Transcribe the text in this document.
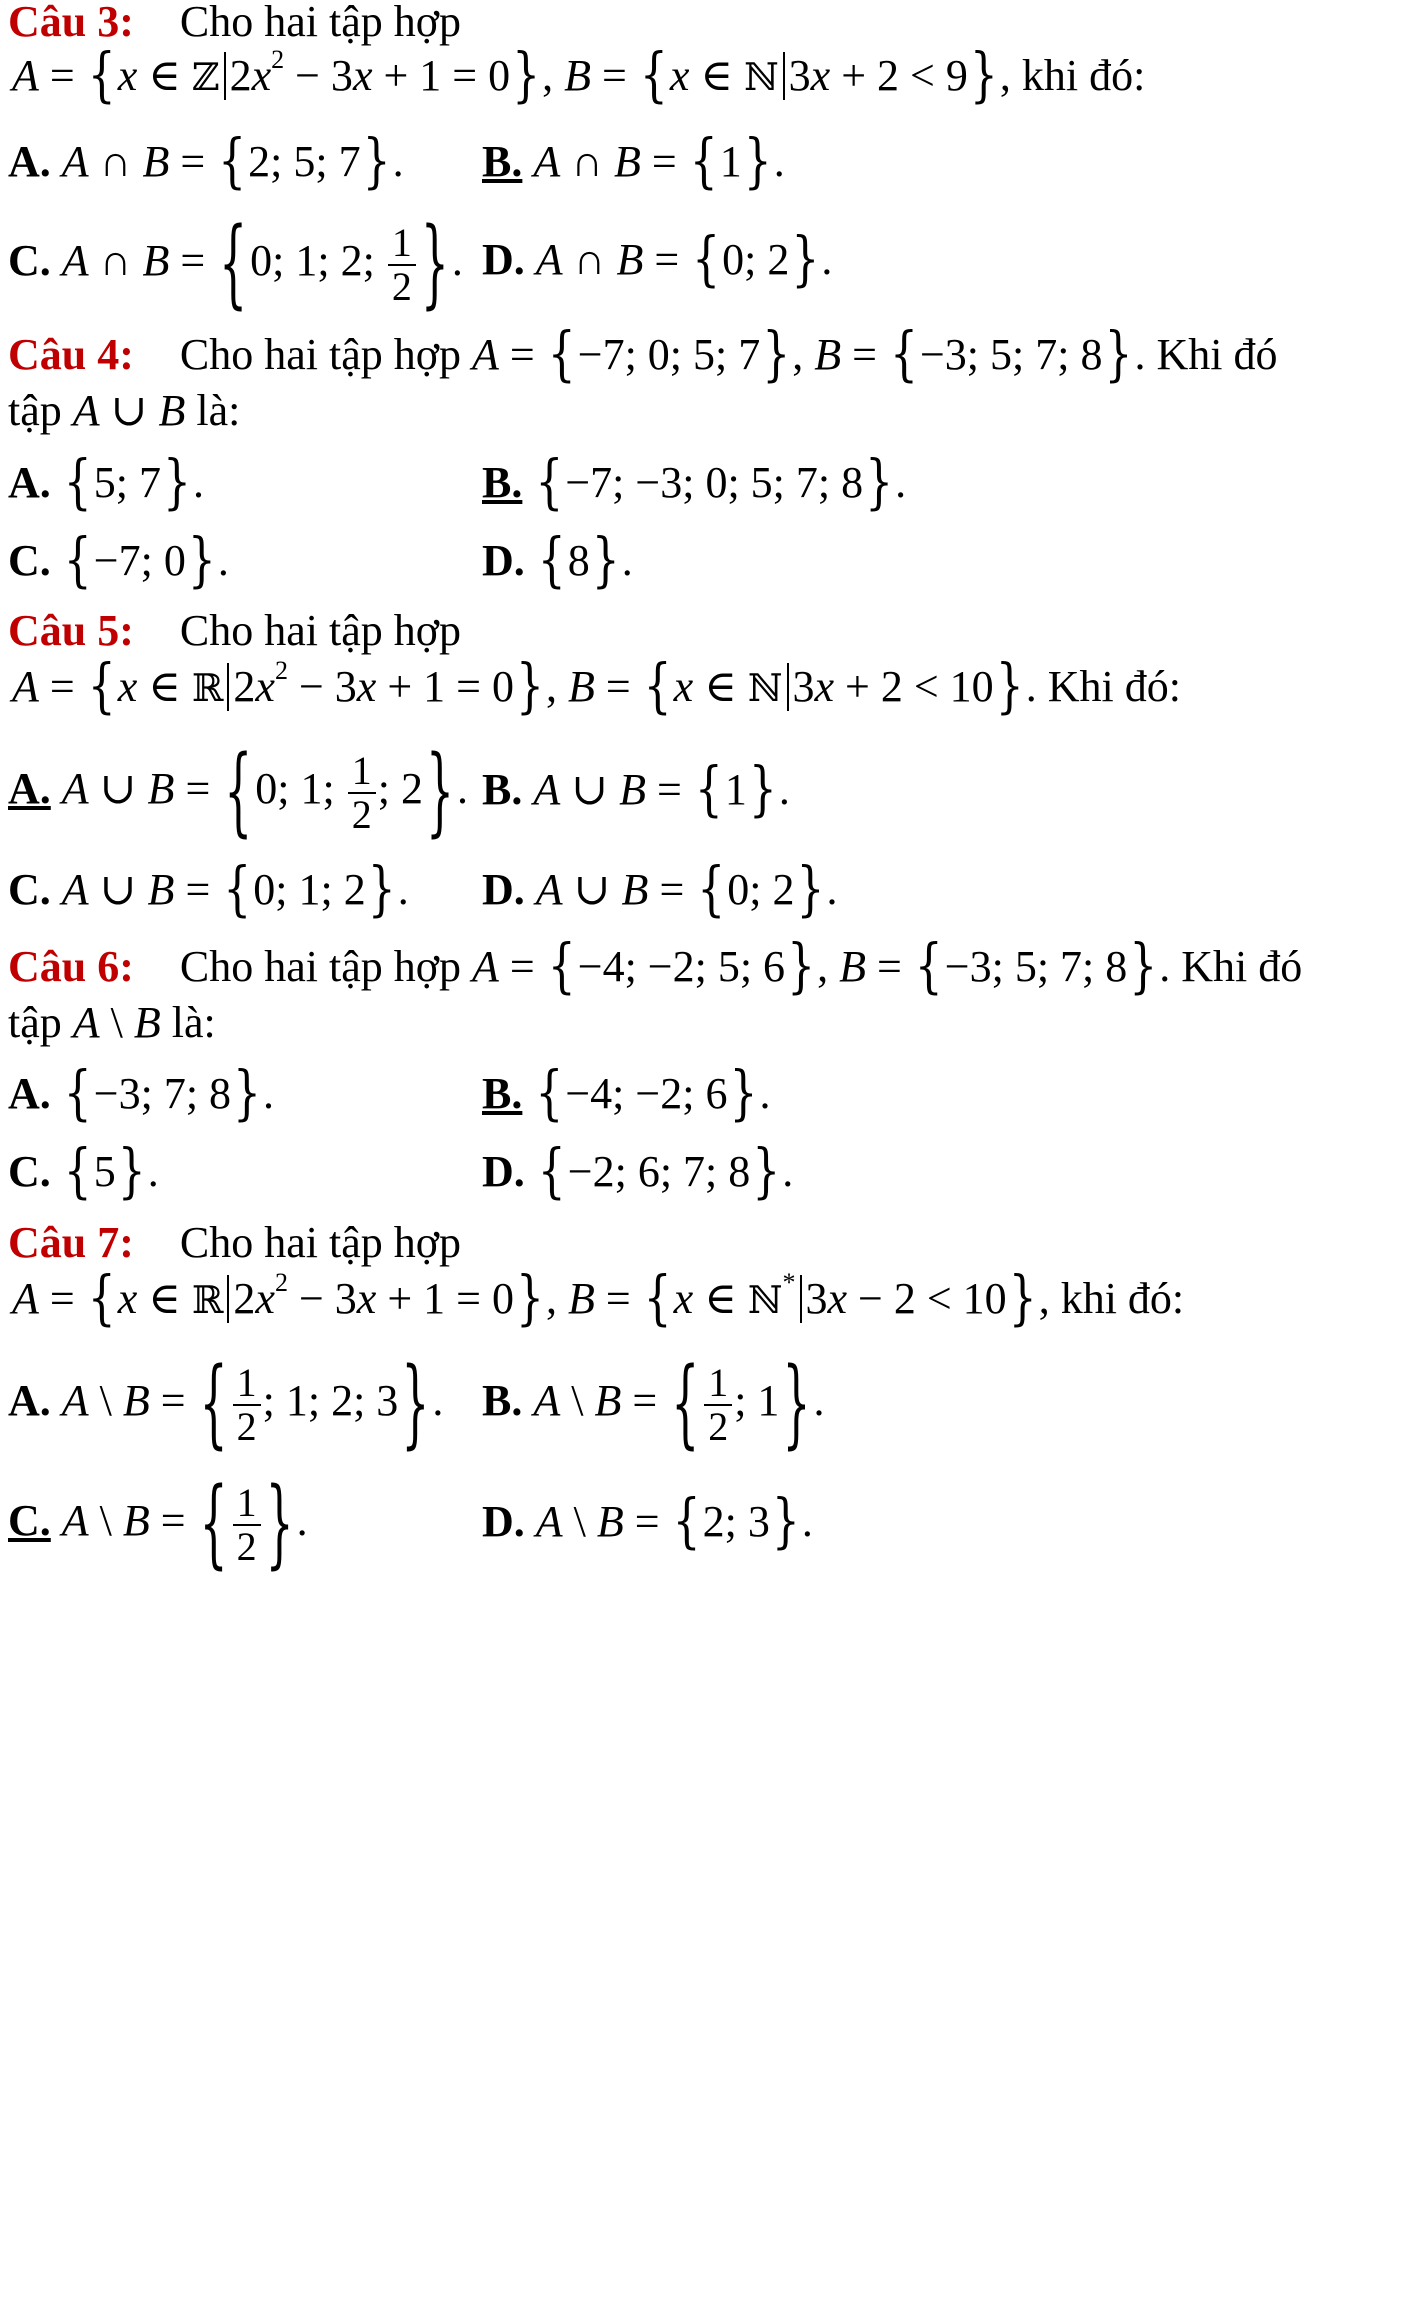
Câu 3: Cho hai tập hợp
A = {x ∈ ℤ $2x^2 - 3x + 1 = 0$}, B = {x ∈ ℕ 3x + 2 < 9}, khi đó:
A. A ∩ B = {2; 5; 7}. B. A ∩ B = {1}.
C. A ∩ B = {0; 1; 2; $\frac{1}{2}$ }. D. A ∩ B = {0; 2}.
Câu 4: Cho hai tập hợp A = {−7; 0; 5; 7}, B = {−3; 5; 7; 8}. Khi đó
tập A ∪ B là:
A. {5; 7}.	B. {−7; −3; 0; 5; 7; 8}.
C. {−7; 0}.	D. {8}.
Câu 5: Cho hai tập hợp
A = {x ∈ ℝ $2x^2 - 3x + 1 = 0$}, B = {x ∈ ℕ 3x + 2 < 10}. Khi đó:
A. A ∪ B = {0; 1; $\frac{1}{2}$ ; 2}. B. A ∪ B = {1}.
C. A ∪ B = {0; 1; 2}. D. A ∪ B = {0; 2}.
Câu 6: Cho hai tập hợp A = {−4; −2; 5; 6}, B = {−3; 5; 7; 8}. Khi đó
tập A \ B là:
A. {−3; 7; 8}.	B. {−4; −2; 6}.
C. {5}.	D. {−2; 6; 7; 8}.
Câu 7: Cho hai tập hợp
A = {x ∈ ℝ $2x^2 - 3x + 1 = 0$}, B = {x ∈ ℕ* 3x − 2 < 10}, khi đó:
A. A \ B = { $\frac{1}{2}$ ; 1; 2; 3}. B. A \ B = { $\frac{1}{2}$ ; 1}.
C. A \ B = { $\frac{1}{2}$ }.	D. A \ B = {2; 3}.
